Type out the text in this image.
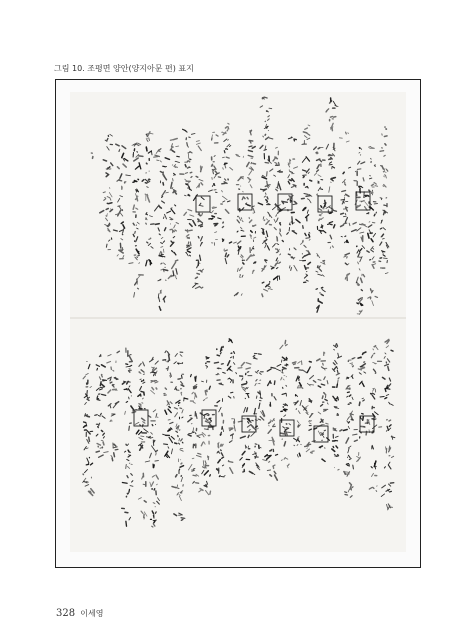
그림 10. 조평면 양안(양지아문 편) 표지
328 이세영
